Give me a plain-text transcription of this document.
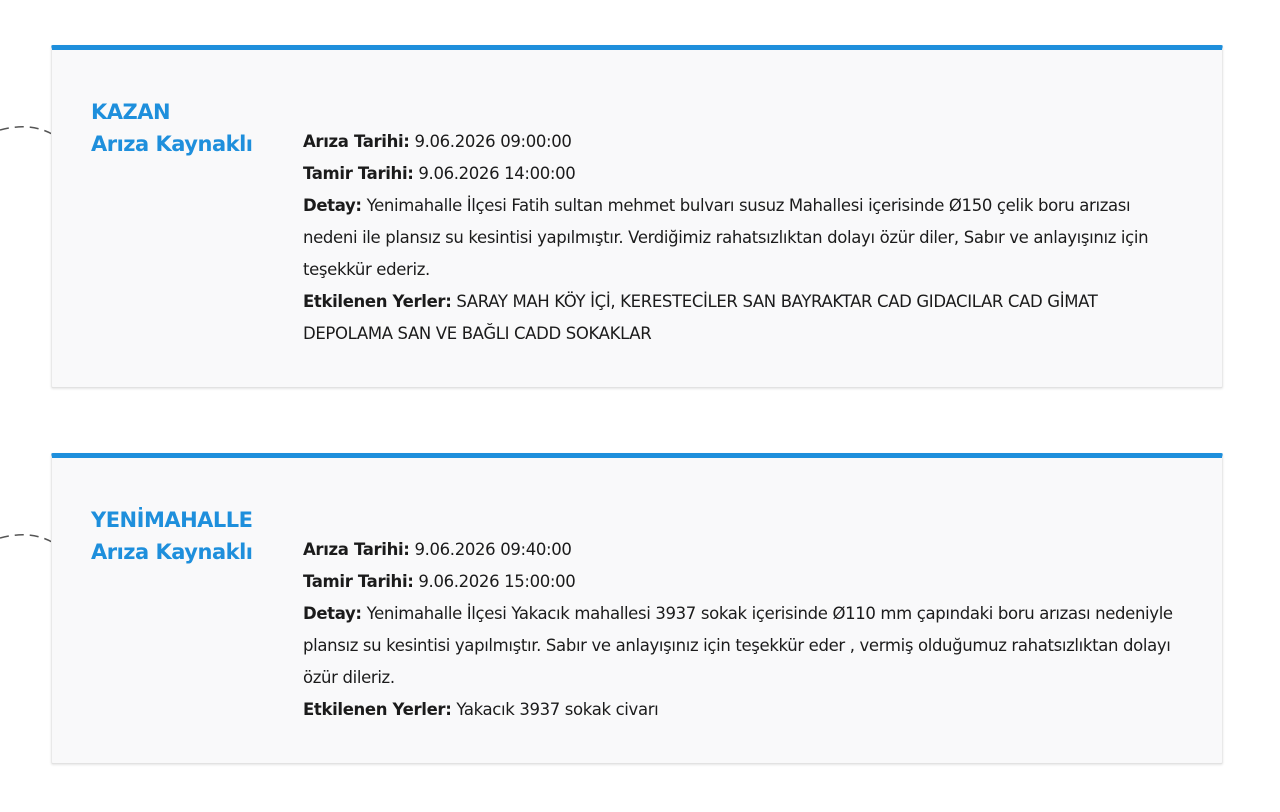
KAZAN
Arıza Kaynaklı	Arıza Tarihi: 9.06.2026 09:00:00

Tamir Tarihi: 9.06.2026 14:00:00

Detay: Yenimahalle İlçesi Fatih sultan mehmet bulvarı susuz Mahallesi içerisinde Ø150 çelik boru arızası nedeni ile plansız su kesintisi yapılmıştır. Verdiğimiz rahatsızlıktan dolayı özür diler, Sabır ve anlayışınız için teşekkür ederiz.

Etkilenen Yerler: SARAY MAH KÖY İÇİ, KERESTECİLER SAN BAYRAKTAR CAD GIDACILAR CAD GİMAT DEPOLAMA SAN VE BAĞLI CADD SOKAKLAR

YENİMAHALLE
Arıza Kaynaklı	Arıza Tarihi: 9.06.2026 09:40:00

Tamir Tarihi: 9.06.2026 15:00:00

Detay: Yenimahalle İlçesi Yakacık mahallesi 3937 sokak içerisinde Ø110 mm çapındaki boru arızası nedeniyle plansız su kesintisi yapılmıştır. Sabır ve anlayışınız için teşekkür eder , vermiş olduğumuz rahatsızlıktan dolayı özür dileriz.

Etkilenen Yerler: Yakacık 3937 sokak civarı
